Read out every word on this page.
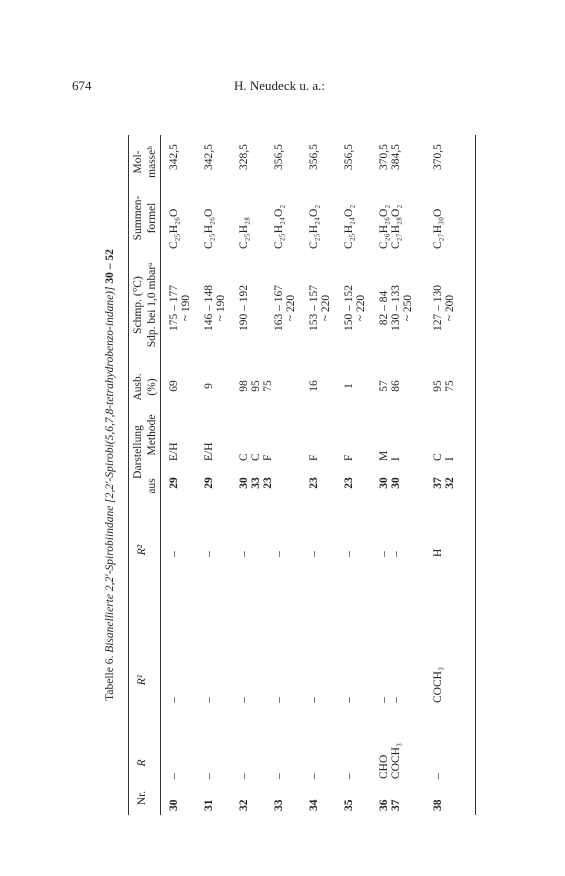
674	H. Neudeck u. a.:
Tabelle 6. Bisanellierte 2,2′-Spirobiindane [2,2′-Spirobi(5,6,7,8-tetrahydrobenzo-indane)] 30 – 52
Nr.
R
R¹
R²
Darstellung
aus
Methode
Ausb. (%)
Schmp. (°C) Sdp. bei 1,0 mbarᵃ
Summen- formel
Mol- masseᵇ
30
–
–
–
29
E/H
69
175 – 177 ~ 190
C₂₅H₂₆O
342,5
31
–
–
–
29
E/H
9
146 – 148 ~ 190
C₂₅H₂₆O
342,5
32
–
–
–
30 33 23
C C F
98 95 75
190 – 192
C₂₅H₂₈
328,5
33
–
–
–
163 – 167 ~ 220
C₂₅H₂₄O₂
356,5
34
–
–
–
23
F
16
153 – 157 ~ 220
C₂₅H₂₄O₂
356,5
35
–
–
–
23
F
1
150 – 152 ~ 220
C₂₅H₂₄O₂
356,5
36 37
CHO COCH₃
– –
– –
30 30
M I
57 86
82 – 84 130 – 133 ~ 250
C₂₆H₂₆O₂ C₂₇H₂₈O₂
370,5 384,5
38
–
COCH₃
H
37 32
C I
95 75
127 – 130 ~ 200
C₂₇H₃₀O
370,5
